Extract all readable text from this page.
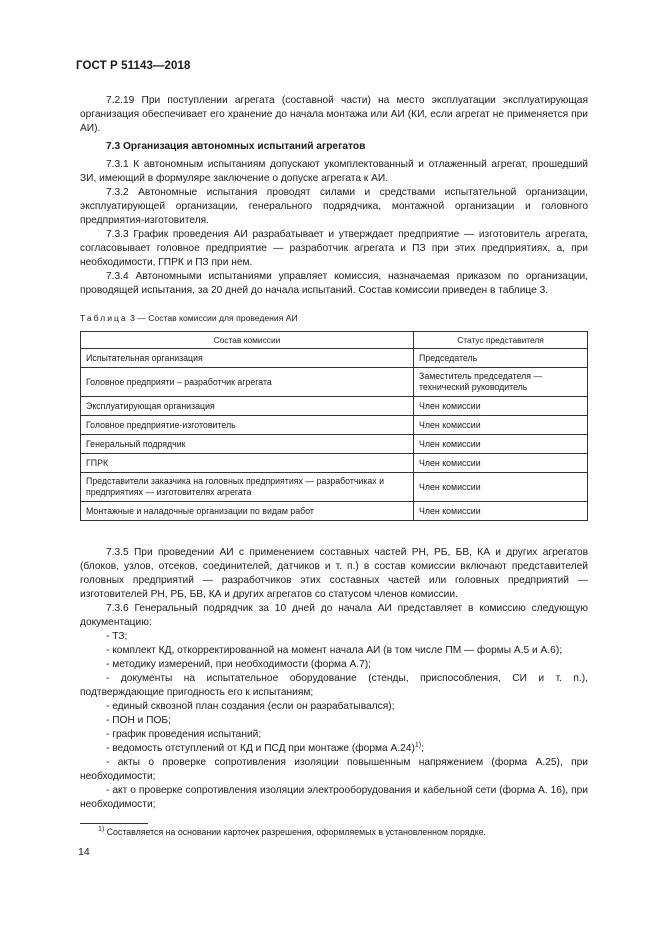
ГОСТ Р 51143—2018

7.2.19 При поступлении агрегата (составной части) на место эксплуатации эксплуатирующая организация обеспечивает его хранение до начала монтажа или АИ (КИ, если агрегат не применяется при АИ).

7.3 Организация автономных испытаний агрегатов

7.3.1 К автономным испытаниям допускают укомплектованный и отлаженный агрегат, прошедший ЗИ, имеющий в формуляре заключение о допуске агрегата к АИ.

7.3.2 Автономные испытания проводят силами и средствами испытательной организации, эксплуатирующей организации, генерального подрядчика, монтажной организации и головного предприятия-изготовителя.

7.3.3 График проведения АИ разрабатывает и утверждает предприятие — изготовитель агрегата, согласовывает головное предприятие — разработчик агрегата и ПЗ при этих предприятиях, а, при необходимости, ГПРК и ПЗ при нем.

7.3.4 Автономными испытаниями управляет комиссия, назначаемая приказом по организации, проводящей испытания, за 20 дней до начала испытаний. Состав комиссии приведен в таблице 3.

Таблица 3 — Состав комиссии для проведения АИ
Состав комиссии	Статус представителя
Испытательная организация	Председатель
Головное предприяти – разработчик агрегата	Заместитель председателя — технический руководитель
Эксплуатирующая организация	Член комиссии
Головное предприятие-изготовитель	Член комиссии
Генеральный подрядчик	Член комиссии
ГПРК	Член комиссии
Представители заказчика на головных предприятиях — разработчиках и предприятиях — изготовителях агрегата	Член комиссии
Монтажные и наладочные организации по видам работ	Член комиссии

7.3.5 При проведении АИ с применением составных частей РН, РБ, БВ, КА и других агрегатов (блоков, узлов, отсеков, соединителей, датчиков и т. п.) в состав комиссии включают представителей головных предприятий — разработчиков этих составных частей или головных предприятий — изготовителей РН, РБ, БВ, КА и других агрегатов со статусом членов комиссии.

7.3.6 Генеральный подрядчик за 10 дней до начала АИ представляет в комиссию следующую документацию:

- ТЗ;

- комплект КД, откорректированной на момент начала АИ (в том числе ПМ — формы А.5 и А.6);

- методику измерений, при необходимости (форма А.7);

- документы на испытательное оборудование (стенды, приспособления, СИ и т. п.), подтверждающие пригодность его к испытаниям;

- единый сквозной план создания (если он разрабатывался);

- ПОН и ПОБ;

- график проведения испытаний;

- ведомость отступлений от КД и ПСД при монтаже (форма А.24)$^{1)}$;

- акты о проверке сопротивления изоляции повышенным напряжением (форма А.25), при необходимости;

- акт о проверке сопротивления изоляции электрооборудования и кабельной сети (форма А. 16), при необходимости;

$^{1)}$ Составляется на основании карточек разрешения, оформляемых в установленном порядке.
14
